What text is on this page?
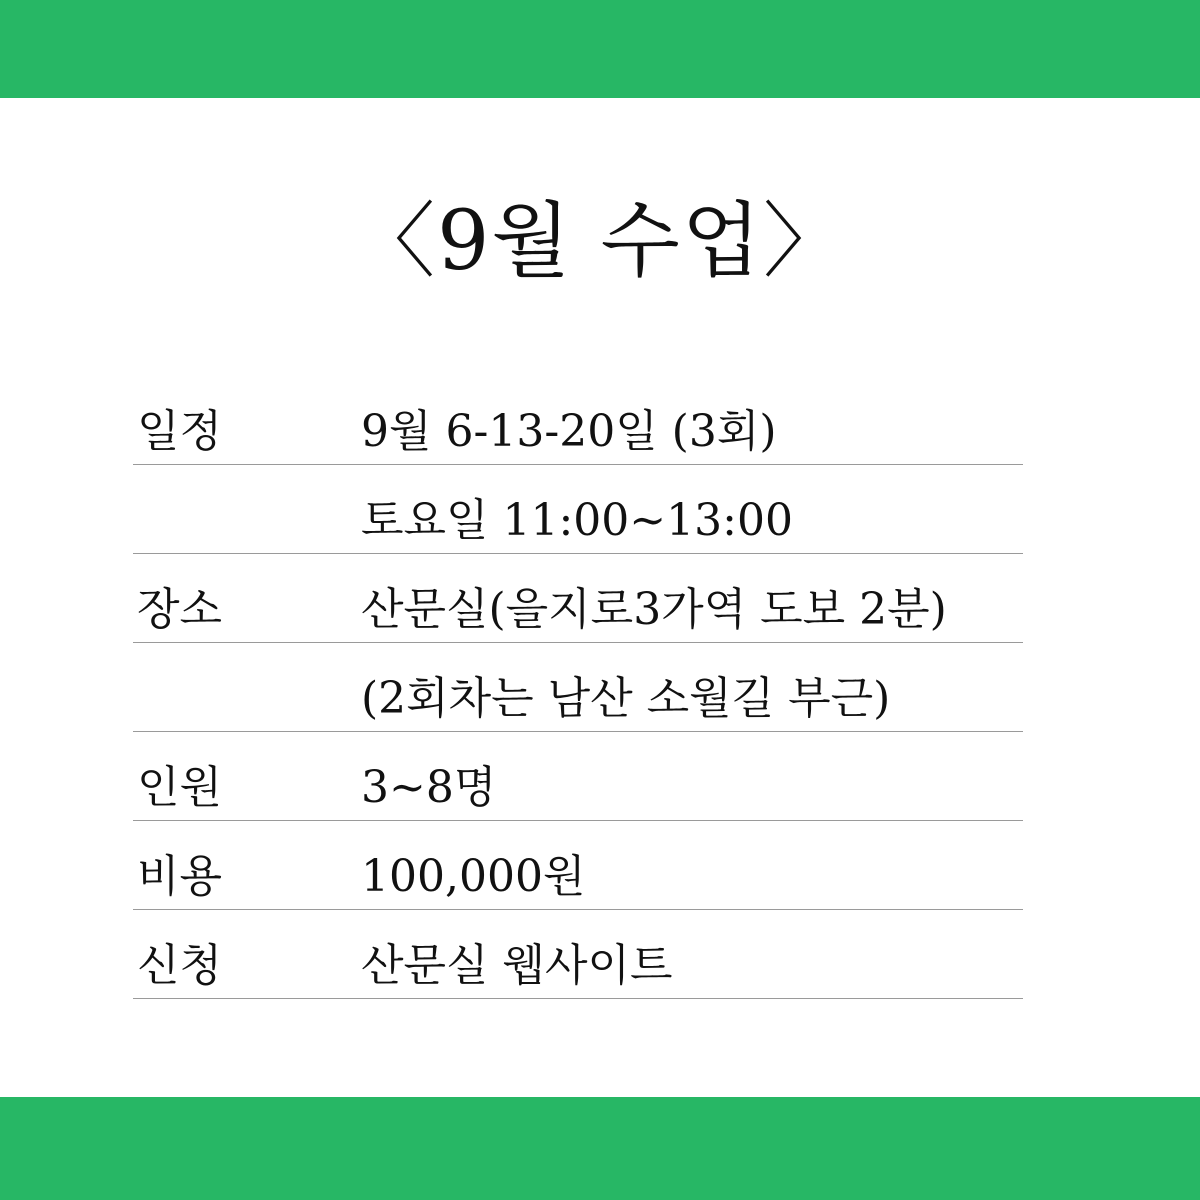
〈9월 수업〉
일정	9월 6-13-20일 (3회)
토요일 11:00~13:00
장소	산문실(을지로3가역 도보 2분)
(2회차는 남산 소월길 부근)
인원	3~8명
비용	100,000원
신청	산문실 웹사이트
